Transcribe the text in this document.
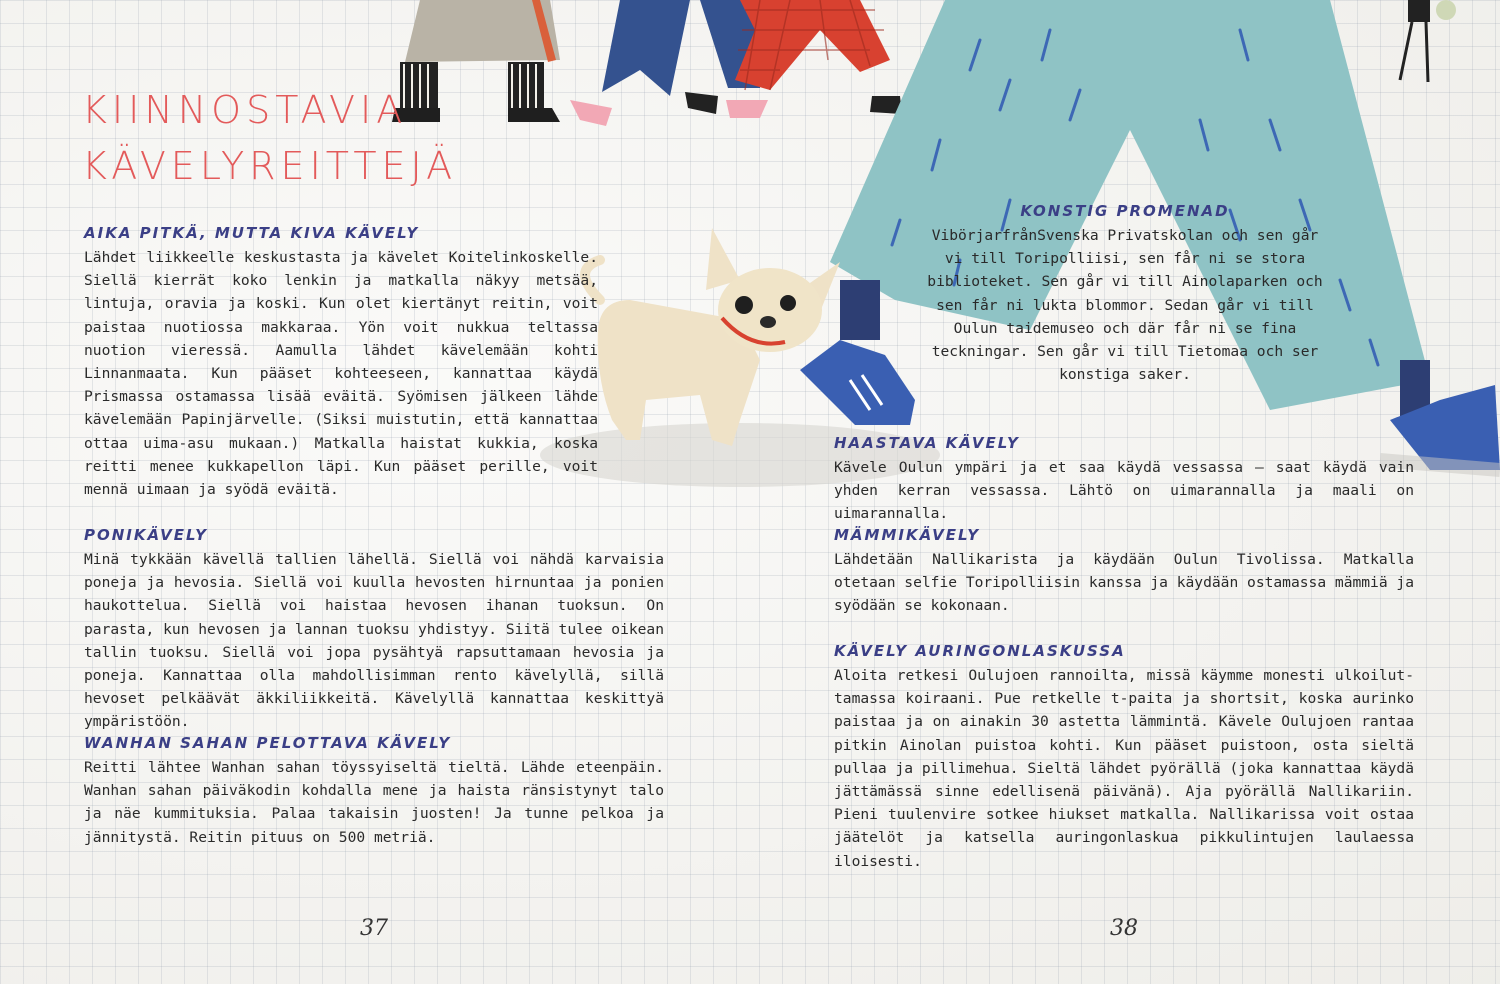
KIINNOSTAVIA
KÄVELYREITTEJÄ
AIKA PITKÄ, MUTTA KIVA KÄVELY

Lähdet liikkeelle keskustasta ja kävelet Koitelinkoskelle. Siellä kierrät koko lenkin ja matkalla näkyy metsää, lintuja, oravia ja koski. Kun olet kiertänyt reitin, voit paistaa nuotiossa makkaraa. Yön voit nukkua teltassa nuotion vieressä. Aamulla lähdet kävelemään kohti Linnanmaata. Kun pääset kohteeseen, kannattaa käydä Prismassa ostamassa lisää eväitä. Syömisen jälkeen lähde kävelemään Papinjärvelle. (Siksi muistutin, että kannattaa ottaa uima-asu mukaan.) Matkalla haistat kukkia, koska reitti menee kukkapellon läpi. Kun pääset perille, voit mennä uimaan ja syödä eväitä.

PONIKÄVELY

Minä tykkään kävellä tallien lähellä. Siellä voi nähdä karvaisia poneja ja hevosia. Siellä voi kuulla hevosten hirnuntaa ja ponien haukottelua. Siellä voi haistaa hevosen ihanan tuoksun. On parasta, kun hevosen ja lannan tuoksu yhdistyy. Siitä tulee oikean tallin tuoksu. Siellä voi jopa pysähtyä rapsuttamaan hevosia ja poneja. Kannattaa olla mahdollisimman rento kävelyllä, sillä hevoset pelkäävät äkkiliikkeitä. Kävelyllä kannattaa keskittyä ympäristöön.

WANHAN SAHAN PELOTTAVA KÄVELY

Reitti lähtee Wanhan sahan töyssyiseltä tieltä. Lähde eteenpäin. Wanhan sahan päiväkodin kohdalla mene ja haista ränsistynyt talo ja näe kummituksia. Palaa takaisin juosten! Ja tunne pelkoa ja jännitystä. Reitin pituus on 500 metriä.

KONSTIG PROMENAD

VibörjarfrånSvenska Privatskolan och sen går vi till Toripolliisi, sen får ni se stora biblioteket. Sen går vi till Ainolaparken och sen får ni lukta blommor. Sedan går vi till Oulun taidemuseo och där får ni se fina teckningar. Sen går vi till Tietomaa och ser konstiga saker.

HAASTAVA KÄVELY

Kävele Oulun ympäri ja et saa käydä vessassa – saat käydä vain yhden kerran vessassa. Lähtö on uimarannalla ja maali on uimarannalla.

MÄMMIKÄVELY

Lähdetään Nallikarista ja käydään Oulun Tivolissa. Matkalla otetaan selfie Toripolliisin kanssa ja käydään ostamassa mämmiä ja syödään se kokonaan.

KÄVELY AURINGONLASKUSSA

Aloita retkesi Oulujoen rannoilta, missä käymme monesti ulkoiluttamassa koiraani. Pue retkelle t-paita ja shortsit, koska aurinko paistaa ja on ainakin 30 astetta lämmintä. Kävele Oulujoen rantaa pitkin Ainolan puistoa kohti. Kun pääset puistoon, osta sieltä pullaa ja pillimehua. Sieltä lähdet pyörällä (joka kannattaa käydä jättämässä sinne edellisenä päivänä). Aja pyörällä Nallikariin. Pieni tuulenvire sotkee hiukset matkalla. Nallikarissa voit ostaa jäätelöt ja katsella auringonlaskua pikkulintujen laulaessa iloisesti.

37	38
